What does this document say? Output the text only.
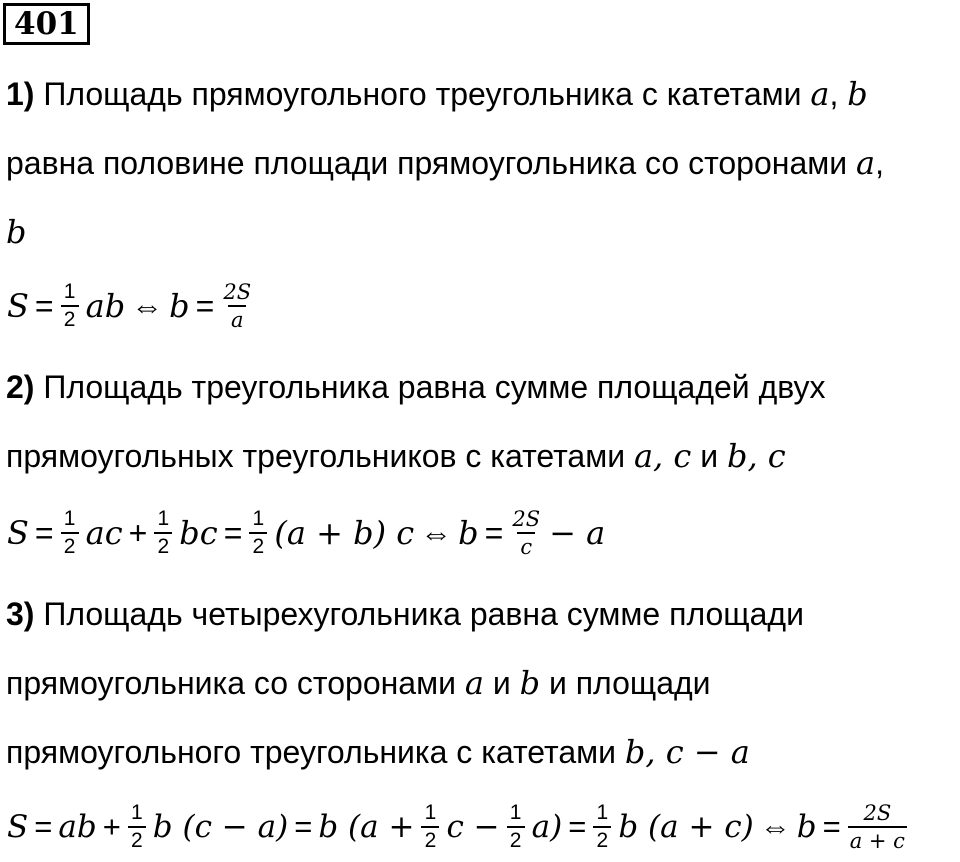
401
1) Площадь прямоугольного треугольника с катетами a, b
равна половине площади прямоугольника со сторонами a,
b
$S = \frac{1}{2}$ ab ⇔ $b = \frac{2S}{a}$
2) Площадь треугольника равна сумме площадей двух
прямоугольных треугольников с катетами a, c и b, c
$S = \frac{1}{2}$ ac + $\frac{1}{2}$ bc = $\frac{1}{2} (a + b)$ c ⇔ $b = \frac{2S}{c} - a$
3) Площадь четырехугольника равна сумме площади
прямоугольника со сторонами a и b и площади
прямоугольного треугольника с катетами b, c − a
S = ab + $\frac{1}{2}$ b (c − a) = b ($a + \frac{1}{2}$ $c - \frac{1}{2} a) = \frac{1}{2}$ b (a + c) ⇔ $b = \frac{2S}{a + c}$
